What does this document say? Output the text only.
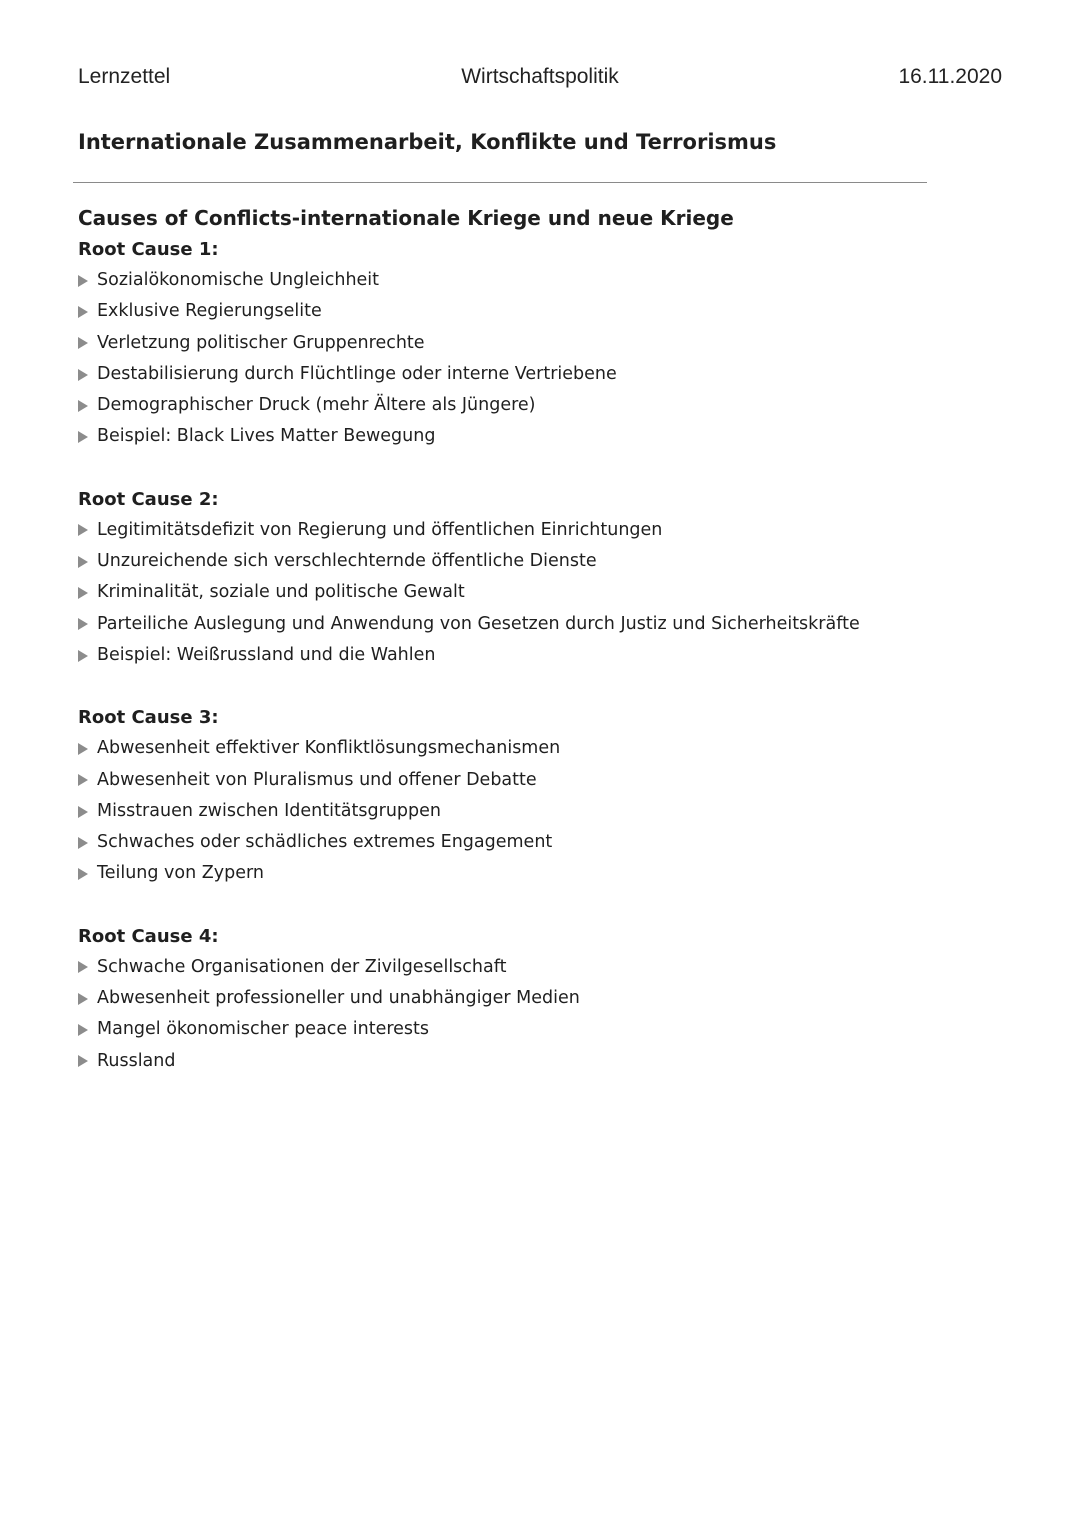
Lernzettel	Wirtschaftspolitik	16.11.2020
Internationale Zusammenarbeit, Konflikte und Terrorismus
Causes of Conflicts-internationale Kriege und neue Kriege
Root Cause 1:
Sozialökonomische Ungleichheit
Exklusive Regierungselite
Verletzung politischer Gruppenrechte
Destabilisierung durch Flüchtlinge oder interne Vertriebene
Demographischer Druck (mehr Ältere als Jüngere)
Beispiel: Black Lives Matter Bewegung
Root Cause 2:
Legitimitätsdefizit von Regierung und öffentlichen Einrichtungen
Unzureichende sich verschlechternde öffentliche Dienste
Kriminalität, soziale und politische Gewalt
Parteiliche Auslegung und Anwendung von Gesetzen durch Justiz und Sicherheitskräfte
Beispiel: Weißrussland und die Wahlen
Root Cause 3:
Abwesenheit effektiver Konfliktlösungsmechanismen
Abwesenheit von Pluralismus und offener Debatte
Misstrauen zwischen Identitätsgruppen
Schwaches oder schädliches extremes Engagement
Teilung von Zypern
Root Cause 4:
Schwache Organisationen der Zivilgesellschaft
Abwesenheit professioneller und unabhängiger Medien
Mangel ökonomischer peace interests
Russland
